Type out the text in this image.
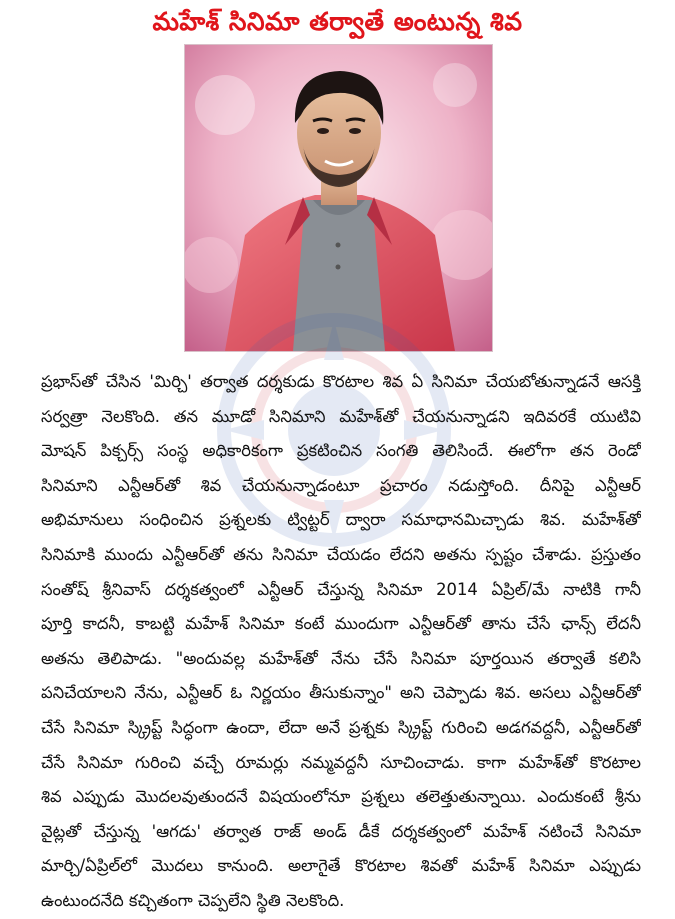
మహేశ్ సినిమా తర్వాతే అంటున్న శివ
ప్రభాస్‌తో చేసిన 'మిర్చి' తర్వాత దర్శకుడు కొరటాల శివ ఏ సినిమా చేయబోతున్నాడనే ఆసక్తి
సర్వత్రా నెలకొంది. తన మూడో సినిమాని మహేశ్‌తో చేయనున్నాడని ఇదివరకే యుటివి
మోషన్ పిక్చర్స్ సంస్థ అధికారికంగా ప్రకటించిన సంగతి తెలిసిందే. ఈలోగా తన రెండో
సినిమాని ఎన్టీఆర్‌తో శివ చేయనున్నాడంటూ ప్రచారం నడుస్తోంది. దీనిపై ఎన్టీఆర్
అభిమానులు సంధించిన ప్రశ్నలకు ట్విట్టర్ ద్వారా సమాధానమిచ్చాడు శివ. మహేశ్‌తో
సినిమాకి ముందు ఎన్టీఆర్‌తో తను సినిమా చేయడం లేదని అతను స్పష్టం చేశాడు. ప్రస్తుతం
సంతోష్ శ్రీనివాస్ దర్శకత్వంలో ఎన్టీఆర్ చేస్తున్న సినిమా 2014 ఏప్రిల్/మే నాటికి గానీ
పూర్తి కాదనీ, కాబట్టి మహేశ్ సినిమా కంటే ముందుగా ఎన్టీఆర్‌తో తాను చేసే ఛాన్స్ లేదనీ
అతను తెలిపాడు. "అందువల్ల మహేశ్‌తో నేను చేసే సినిమా పూర్తయిన తర్వాతే కలిసి
పనిచేయాలని నేను, ఎన్టీఆర్ ఓ నిర్ణయం తీసుకున్నాం" అని చెప్పాడు శివ. అసలు ఎన్టీఆర్‌తో
చేసే సినిమా స్క్రిప్ట్ సిద్ధంగా ఉందా, లేదా అనే ప్రశ్నకు స్క్రిప్ట్ గురించి అడగవద్దనీ, ఎన్టీఆర్‌తో
చేసే సినిమా గురించి వచ్చే రూమర్లు నమ్మవద్దనీ సూచించాడు. కాగా మహేశ్‌తో కొరటాల
శివ ఎప్పుడు మొదలవుతుందనే విషయంలోనూ ప్రశ్నలు తలెత్తుతున్నాయి. ఎందుకంటే శ్రీను
వైట్లతో చేస్తున్న 'ఆగడు' తర్వాత రాజ్ అండ్ డీకే దర్శకత్వంలో మహేశ్ నటించే సినిమా
మార్చి/ఏప్రిల్‌లో మొదలు కానుంది. అలాగైతే కొరటాల శివతో మహేశ్ సినిమా ఎప్పుడు
ఉంటుందనేది కచ్చితంగా చెప్పలేని స్థితి నెలకొంది.
